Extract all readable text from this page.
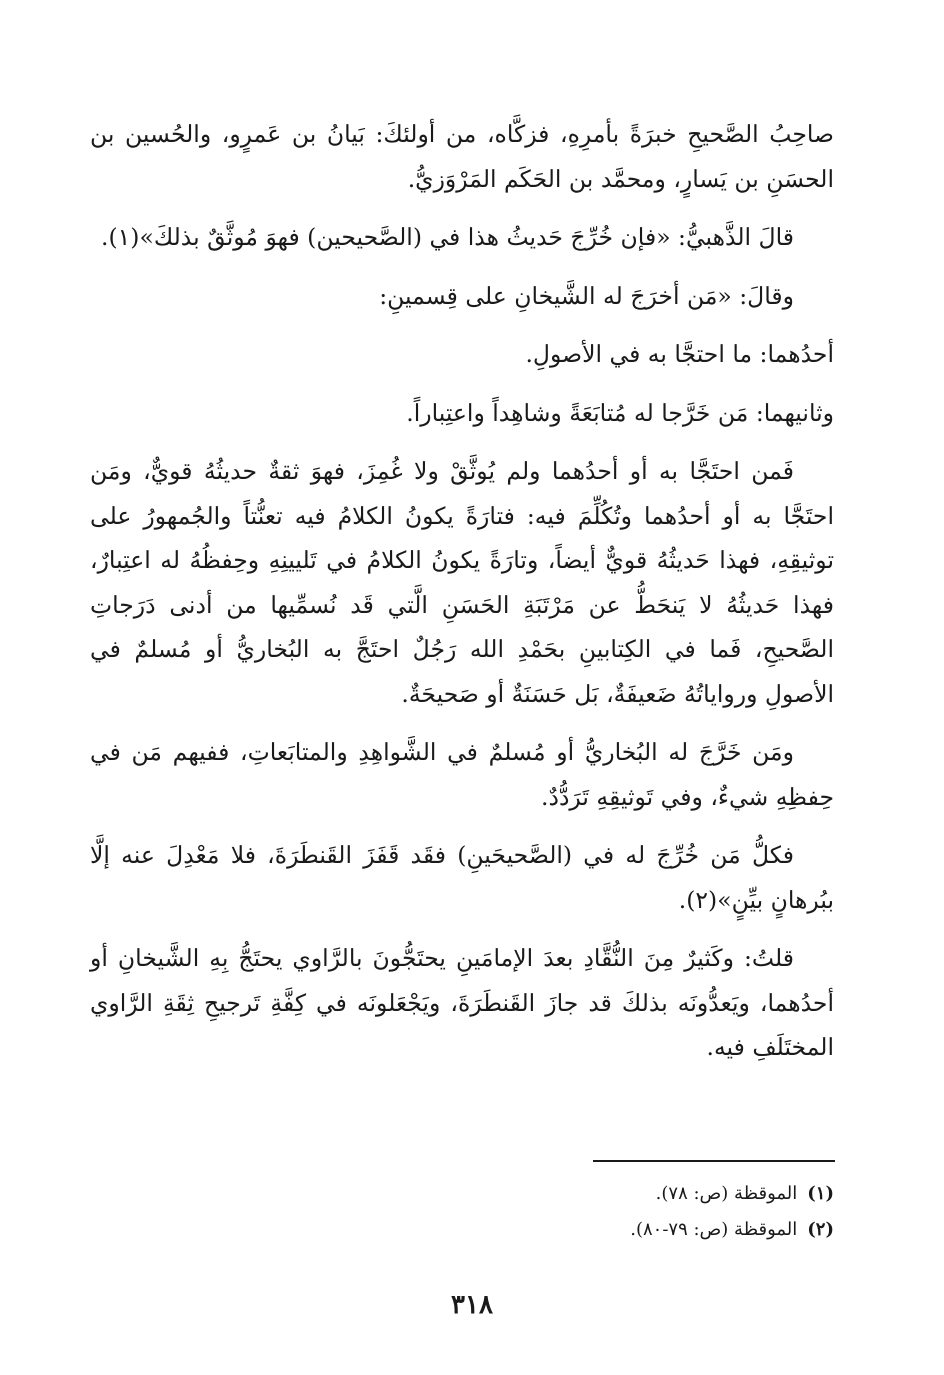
صاحِبُ الصَّحيحِ خبرَةً بأمرِهِ، فزكَّاه، من أولئكَ: بَيانُ بن عَمرٍو، والحُسين بن الحسَنِ بن يَسارٍ، ومحمَّد بن الحَكَم المَرْوَزيُّ.

قالَ الذَّهبيُّ: «فإن خُرِّجَ حَديثُ هذا في (الصَّحيحين) فهوَ مُوثَّقٌ بذلكَ»(١).

وقالَ: «مَن أخرَجَ له الشَّيخانِ على قِسمينِ:

أحدُهما: ما احتجَّا به في الأصولِ.

وثانيهما: مَن خَرَّجا له مُتابَعَةً وشاهِداً واعتِباراً.

فَمن احتَجَّا به أو أحدُهما ولم يُوثَّقْ ولا غُمِزَ، فهوَ ثقةٌ حديثُهُ قويٌّ، ومَن احتَجَّا به أو أحدُهما وتُكُلِّمَ فيه: فتارَةً يكونُ الكلامُ فيه تعنُّتاً والجُمهورُ على توثيقِهِ، فهذا حَديثُهُ قويٌّ أيضاً، وتارَةً يكونُ الكلامُ في تَليينِهِ وحِفظُهُ له اعتِبارٌ، فهذا حَديثُهُ لا يَنحَطُّ عن مَرْتَبَةِ الحَسَنِ الَّتي قَد نُسمِّيها من أدنى دَرَجاتِ الصَّحيحِ، فَما في الكِتابينِ بحَمْدِ الله رَجُلٌ احتَجَّ به البُخاريُّ أو مُسلمٌ في الأصولِ ورواياتُهُ ضَعيفَةٌ، بَل حَسَنَةٌ أو صَحيحَةٌ.

ومَن خَرَّجَ له البُخاريُّ أو مُسلمٌ في الشَّواهِدِ والمتابَعاتِ، ففيهم مَن في حِفظِهِ شيءٌ، وفي تَوثيقِهِ تَرَدُّدٌ.

فكلُّ مَن خُرِّجَ له في (الصَّحيحَينِ) فقَد قَفَزَ القَنطَرَةَ، فلا مَعْدِلَ عنه إلَّا ببُرهانٍ بيِّنٍ»(٢).

قلتُ: وكَثيرٌ مِنَ النُّقَّادِ بعدَ الإمامَينِ يحتَجُّونَ بالرَّاوي يحتَجُّ بِهِ الشَّيخانِ أو أحدُهما، ويَعدُّونَه بذلكَ قد جازَ القَنطَرَةَ، ويَجْعَلونَه في كِفَّةِ تَرجيحِ ثِقَةِ الرَّاوي المختَلَفِ فيه.

(١)الموقظة (ص: ٧٨).

(٢)الموقظة (ص: ٧٩-٨٠).

٣١٨
